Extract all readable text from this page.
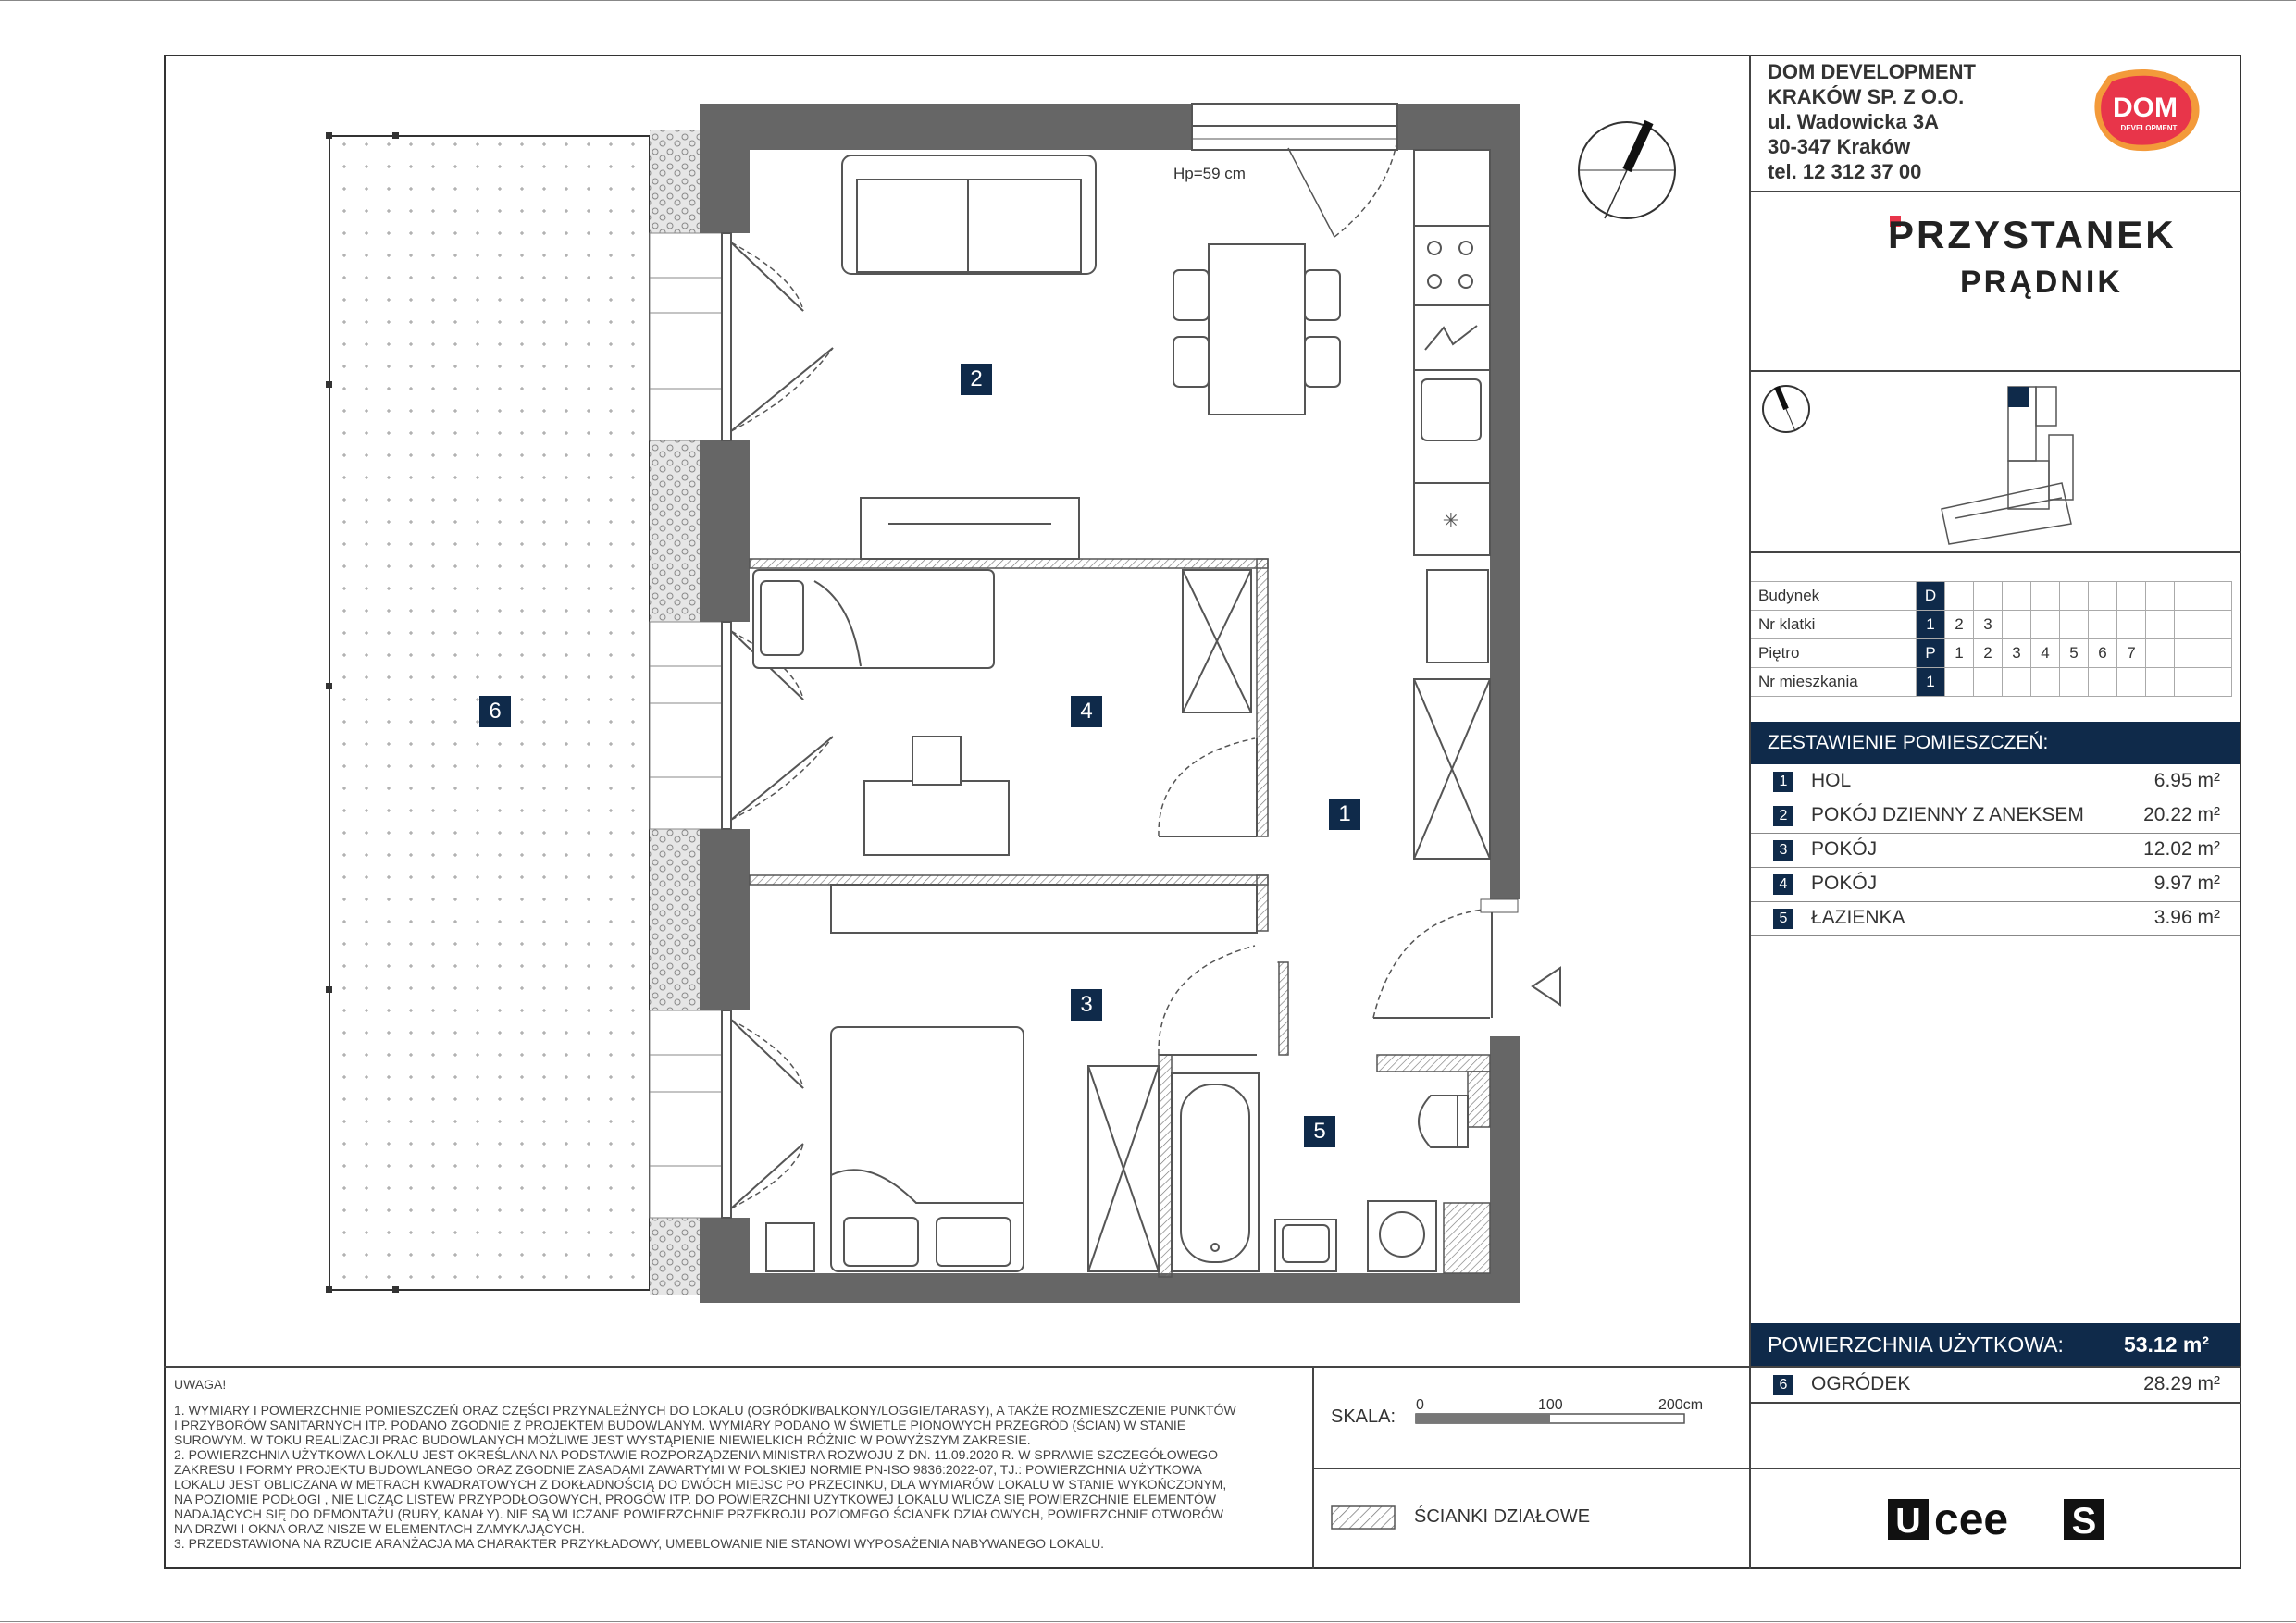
DOM DEVELOPMENT
KRAKÓW SP. Z O.O.
ul. Wadowicka 3A
30-347 Kraków
tel. 12 312 37 00
DOM
DEVELOPMENT
PRZYSTANEK
PRĄDNIK
Budynek	D										
Nr klatki	1	2	3								
Piętro	P	1	2	3	4	5	6	7			
Nr mieszkania	1										
ZESTAWIENIE POMIESZCZEŃ:
1	HOL	6.95 m²
2	POKÓJ DZIENNY Z ANEKSEM	20.22 m²
3	POKÓJ	12.02 m²
4	POKÓJ	9.97 m²
5	ŁAZIENKA	3.96 m²
POWIERZCHNIA UŻYTKOWA:	53.12 m²
6	OGRÓDEK	28.29 m²
U cee S

UWAGA!

1. WYMIARY I POWIERZCHNIE POMIESZCZEŃ ORAZ CZĘŚCI PRZYNALEŻNYCH DO LOKALU (OGRÓDKI/BALKONY/LOGGIE/TARASY), A TAKŻE ROZMIESZCZENIE PUNKTÓW

I PRZYBORÓW SANITARNYCH ITP. PODANO ZGODNIE Z PROJEKTEM BUDOWLANYM. WYMIARY PODANO W ŚWIETLE PIONOWYCH PRZEGRÓD (ŚCIAN) W STANIE

SUROWYM. W TOKU REALIZACJI PRAC BUDOWLANYCH MOŻLIWE JEST WYSTĄPIENIE NIEWIELKICH RÓŻNIC W POWYŻSZYM ZAKRESIE.

2. POWIERZCHNIA UŻYTKOWA LOKALU JEST OKREŚLANA NA PODSTAWIE ROZPORZĄDZENIA MINISTRA ROZWOJU Z DN. 11.09.2020 R. W SPRAWIE SZCZEGÓŁOWEGO

ZAKRESU I FORMY PROJEKTU BUDOWLANEGO ORAZ ZGODNIE ZASADAMI ZAWARTYMI W POLSKIEJ NORMIE PN-ISO 9836:2022-07, TJ.: POWIERZCHNIA UŻYTKOWA

LOKALU JEST OBLICZANA W METRACH KWADRATOWYCH Z DOKŁADNOŚCIĄ DO DWÓCH MIEJSC PO PRZECINKU, DLA WYMIARÓW LOKALU W STANIE WYKOŃCZONYM,

NA POZIOMIE PODŁOGI , NIE LICZĄC LISTEW PRZYPODŁOGOWYCH, PROGÓW ITP. DO POWIERZCHNI UŻYTKOWEJ LOKALU WLICZA SIĘ POWIERZCHNIE ELEMENTÓW

NADAJĄCYCH SIĘ DO DEMONTAŻU (RURY, KANAŁY). NIE SĄ WLICZANE POWIERZCHNIE PRZEKROJU POZIOMEGO ŚCIANEK DZIAŁOWYCH, POWIERZCHNIE OTWORÓW

NA DRZWI I OKNA ORAZ NISZE W ELEMENTACH ZAMYKAJĄCYCH.

3. PRZEDSTAWIONA NA RZUCIE ARANŻACJA MA CHARAKTER PRZYKŁADOWY, UMEBLOWANIE NIE STANOWI WYPOSAŻENIA NABYWANEGO LOKALU.

SKALA:
0	100	200cm
ŚCIANKI DZIAŁOWE
✳
Hp=59 cm
1
2
3
4
5
6
